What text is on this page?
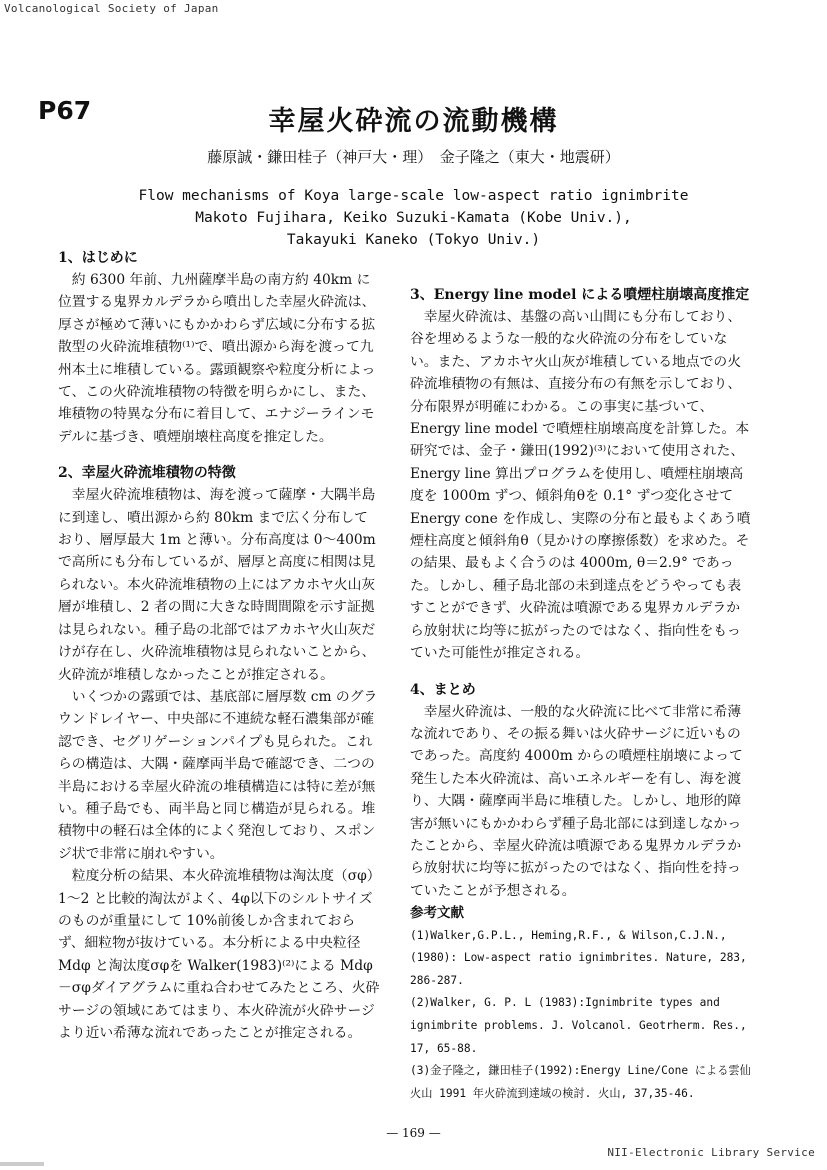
Volcanological Society of Japan
P67	幸屋火砕流の流動機構
藤原誠・鎌田桂子（神戸大・理）　金子隆之（東大・地震研）
Flow mechanisms of Koya large-scale low-aspect ratio ignimbrite
Makoto Fujihara, Keiko Suzuki-Kamata (Kobe Univ.),
Takayuki Kaneko (Tokyo Univ.)
1、はじめに

約 6300 年前、九州薩摩半島の南方約 40km に位置する鬼界カルデラから噴出した幸屋火砕流は、厚さが極めて薄いにもかかわらず広域に分布する拡散型の火砕流堆積物⁽¹⁾で、噴出源から海を渡って九州本土に堆積している。露頭観察や粒度分析によって、この火砕流堆積物の特徴を明らかにし、また、堆積物の特異な分布に着目して、エナジーラインモデルに基づき、噴煙崩壊柱高度を推定した。

2、幸屋火砕流堆積物の特徴

幸屋火砕流堆積物は、海を渡って薩摩・大隅半島に到達し、噴出源から約 80km まで広く分布しており、層厚最大 1m と薄い。分布高度は 0～400m で高所にも分布しているが、層厚と高度に相関は見られない。本火砕流堆積物の上にはアカホヤ火山灰層が堆積し、2 者の間に大きな時間間隙を示す証拠は見られない。種子島の北部ではアカホヤ火山灰だけが存在し、火砕流堆積物は見られないことから、火砕流が堆積しなかったことが推定される。

いくつかの露頭では、基底部に層厚数 cm のグラウンドレイヤー、中央部に不連続な軽石濃集部が確認でき、セグリゲーションパイプも見られた。これらの構造は、大隅・薩摩両半島で確認でき、二つの半島における幸屋火砕流の堆積構造には特に差が無い。種子島でも、両半島と同じ構造が見られる。堆積物中の軽石は全体的によく発泡しており、スポンジ状で非常に崩れやすい。

粒度分析の結果、本火砕流堆積物は淘汰度（σφ）1～2 と比較的淘汰がよく、4φ以下のシルトサイズのものが重量にして 10%前後しか含まれておらず、細粒物が抜けている。本分析による中央粒径 Mdφ と淘汰度σφを Walker(1983)⁽²⁾による Mdφ－σφダイアグラムに重ね合わせてみたところ、火砕サージの領域にあてはまり、本火砕流が火砕サージより近い希薄な流れであったことが推定される。

3、Energy line model による噴煙柱崩壊高度推定

幸屋火砕流は、基盤の高い山間にも分布しており、谷を埋めるような一般的な火砕流の分布をしていない。また、アカホヤ火山灰が堆積している地点での火砕流堆積物の有無は、直接分布の有無を示しており、分布限界が明確にわかる。この事実に基づいて、Energy line model で噴煙柱崩壊高度を計算した。本研究では、金子・鎌田(1992)⁽³⁾において使用された、Energy line 算出プログラムを使用し、噴煙柱崩壊高度を 1000m ずつ、傾斜角θを 0.1° ずつ変化させて Energy cone を作成し、実際の分布と最もよくあう噴煙柱高度と傾斜角θ（見かけの摩擦係数）を求めた。その結果、最もよく合うのは 4000m, θ＝2.9° であった。しかし、種子島北部の未到達点をどうやっても表すことができず、火砕流は噴源である鬼界カルデラから放射状に均等に拡がったのではなく、指向性をもっていた可能性が推定される。

4、まとめ

幸屋火砕流は、一般的な火砕流に比べて非常に希薄な流れであり、その振る舞いは火砕サージに近いものであった。高度約 4000m からの噴煙柱崩壊によって発生した本火砕流は、高いエネルギーを有し、海を渡り、大隅・薩摩両半島に堆積した。しかし、地形的障害が無いにもかかわらず種子島北部には到達しなかったことから、幸屋火砕流は噴源である鬼界カルデラから放射状に均等に拡がったのではなく、指向性を持っていたことが予想される。

参考文献
(1)Walker,G.P.L., Heming,R.F., & Wilson,C.J.N., (1980): Low-aspect ratio ignimbrites. Nature, 283, 286-287.
(2)Walker, G. P. L (1983):Ignimbrite types and ignimbrite problems. J. Volcanol. Geotrherm. Res., 17, 65-88.
(3)金子隆之, 鎌田桂子(1992):Energy Line/Cone による雲仙火山 1991 年火砕流到達域の検討. 火山, 37,35-46.
— 169 —
NII-Electronic Library Service
